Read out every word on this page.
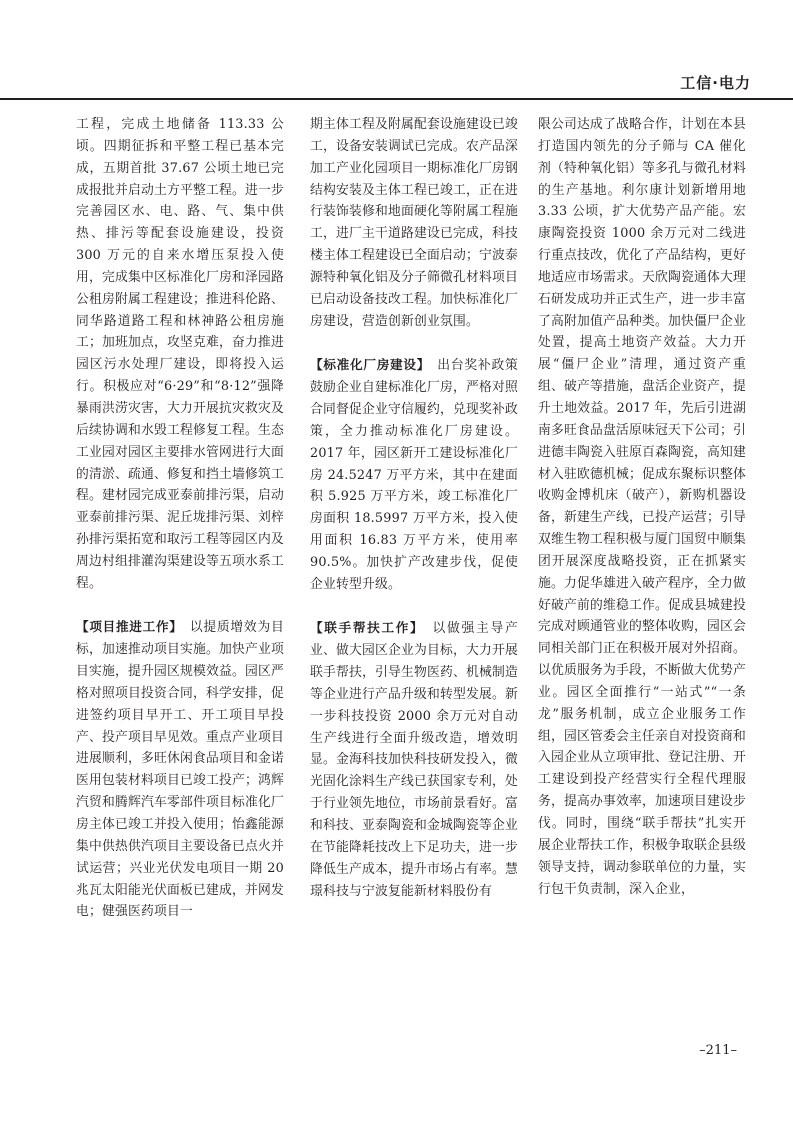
工信·电力

工程，完成土地储备 113.33 公顷。四期征拆和平整工程已基本完成，五期首批 37.67 公顷土地已完成报批并启动土方平整工程。进一步完善园区水、电、路、气、集中供热、排污等配套设施建设，投资 300 万元的自来水增压泵投入使用，完成集中区标准化厂房和泽园路公租房附属工程建设；推进科伦路、同华路道路工程和林神路公租房施工；加班加点，攻坚克难，奋力推进园区污水处理厂建设，即将投入运行。积极应对“6·29”和“8·12”强降暴雨洪涝灾害，大力开展抗灾救灾及后续协调和水毁工程修复工程。生态工业园对园区主要排水管网进行大面的清淤、疏通、修复和挡土墙修筑工程。建材园完成亚泰前排污渠，启动亚泰前排污渠、泥丘垅排污渠、刘梓孙排污渠拓宽和取污工程等园区内及周边村组排灌沟渠建设等五项水系工程。

【项目推进工作】　 以提质增效为目标，加速推动项目实施。加快产业项目实施，提升园区规模效益。园区严格对照项目投资合同，科学安排，促进签约项目早开工、开工项目早投产、投产项目早见效。重点产业项目进展顺利，多旺休闲食品项目和金诺医用包装材料项目已竣工投产；鸿辉汽贸和腾辉汽车零部件项目标准化厂房主体已竣工并投入使用；怡鑫能源集中供热供汽项目主要设备已点火并试运营；兴业光伏发电项目一期 20 兆瓦太阳能光伏面板已建成，并网发电；健强医药项目一

期主体工程及附属配套设施建设已竣工，设备安装调试已完成。农产品深加工产业化园项目一期标准化厂房钢结构安装及主体工程已竣工，正在进行装饰装修和地面硬化等附属工程施工，进厂主干道路建设已完成，科技楼主体工程建设已全面启动；宁波泰源特种氧化铝及分子筛微孔材料项目已启动设备技改工程。加快标准化厂房建设，营造创新创业氛围。

【标准化厂房建设】　 出台奖补政策鼓励企业自建标准化厂房，严格对照合同督促企业守信履约，兑现奖补政策，全力推动标准化厂房建设。2017 年，园区新开工建设标准化厂房 24.5247 万平方米，其中在建面积 5.925 万平方米，竣工标准化厂房面积 18.5997 万平方米，投入使用面积 16.83 万平方米，使用率 90.5%。加快扩产改建步伐，促使企业转型升级。

【联手帮扶工作】　 以做强主导产业、做大园区企业为目标，大力开展联手帮扶，引导生物医药、机械制造等企业进行产品升级和转型发展。新一步科技投资 2000 余万元对自动生产线进行全面升级改造，增效明显。金海科技加快科技研发投入，微光固化涂料生产线已获国家专利，处于行业领先地位，市场前景看好。富和科技、亚泰陶瓷和金城陶瓷等企业在节能降耗技改上下足功夫，进一步降低生产成本，提升市场占有率。慧璟科技与宁波复能新材料股份有

限公司达成了战略合作，计划在本县打造国内领先的分子筛与 CA 催化剂（特种氧化铝）等多孔与微孔材料的生产基地。利尔康计划新增用地 3.33 公顷，扩大优势产品产能。宏康陶瓷投资 1000 余万元对二线进行重点技改，优化了产品结构，更好地适应市场需求。天欣陶瓷通体大理石研发成功并正式生产，进一步丰富了高附加值产品种类。加快僵尸企业处置，提高土地资产效益。大力开展“僵尸企业”清理，通过资产重组、破产等措施，盘活企业资产，提升土地效益。2017 年，先后引进湖南多旺食品盘活原味冠天下公司；引进德丰陶瓷入驻原百森陶瓷，高知建材入驻欧德机械；促成东聚标识整体收购金博机床（破产），新购机器设备，新建生产线，已投产运营；引导双维生物工程积极与厦门国贸中顺集团开展深度战略投资，正在抓紧实施。力促华雄进入破产程序，全力做好破产前的维稳工作。促成县城建投完成对顾通管业的整体收购，园区会同相关部门正在积极开展对外招商。以优质服务为手段，不断做大优势产业。园区全面推行“一站式”“一条龙”服务机制，成立企业服务工作组，园区管委会主任亲自对投资商和入园企业从立项审批、登记注册、开工建设到投产经营实行全程代理服务，提高办事效率，加速项目建设步伐。同时，围绕“联手帮扶”扎实开展企业帮扶工作，积极争取联企县级领导支持，调动参联单位的力量，实行包干负责制，深入企业，

–211–
